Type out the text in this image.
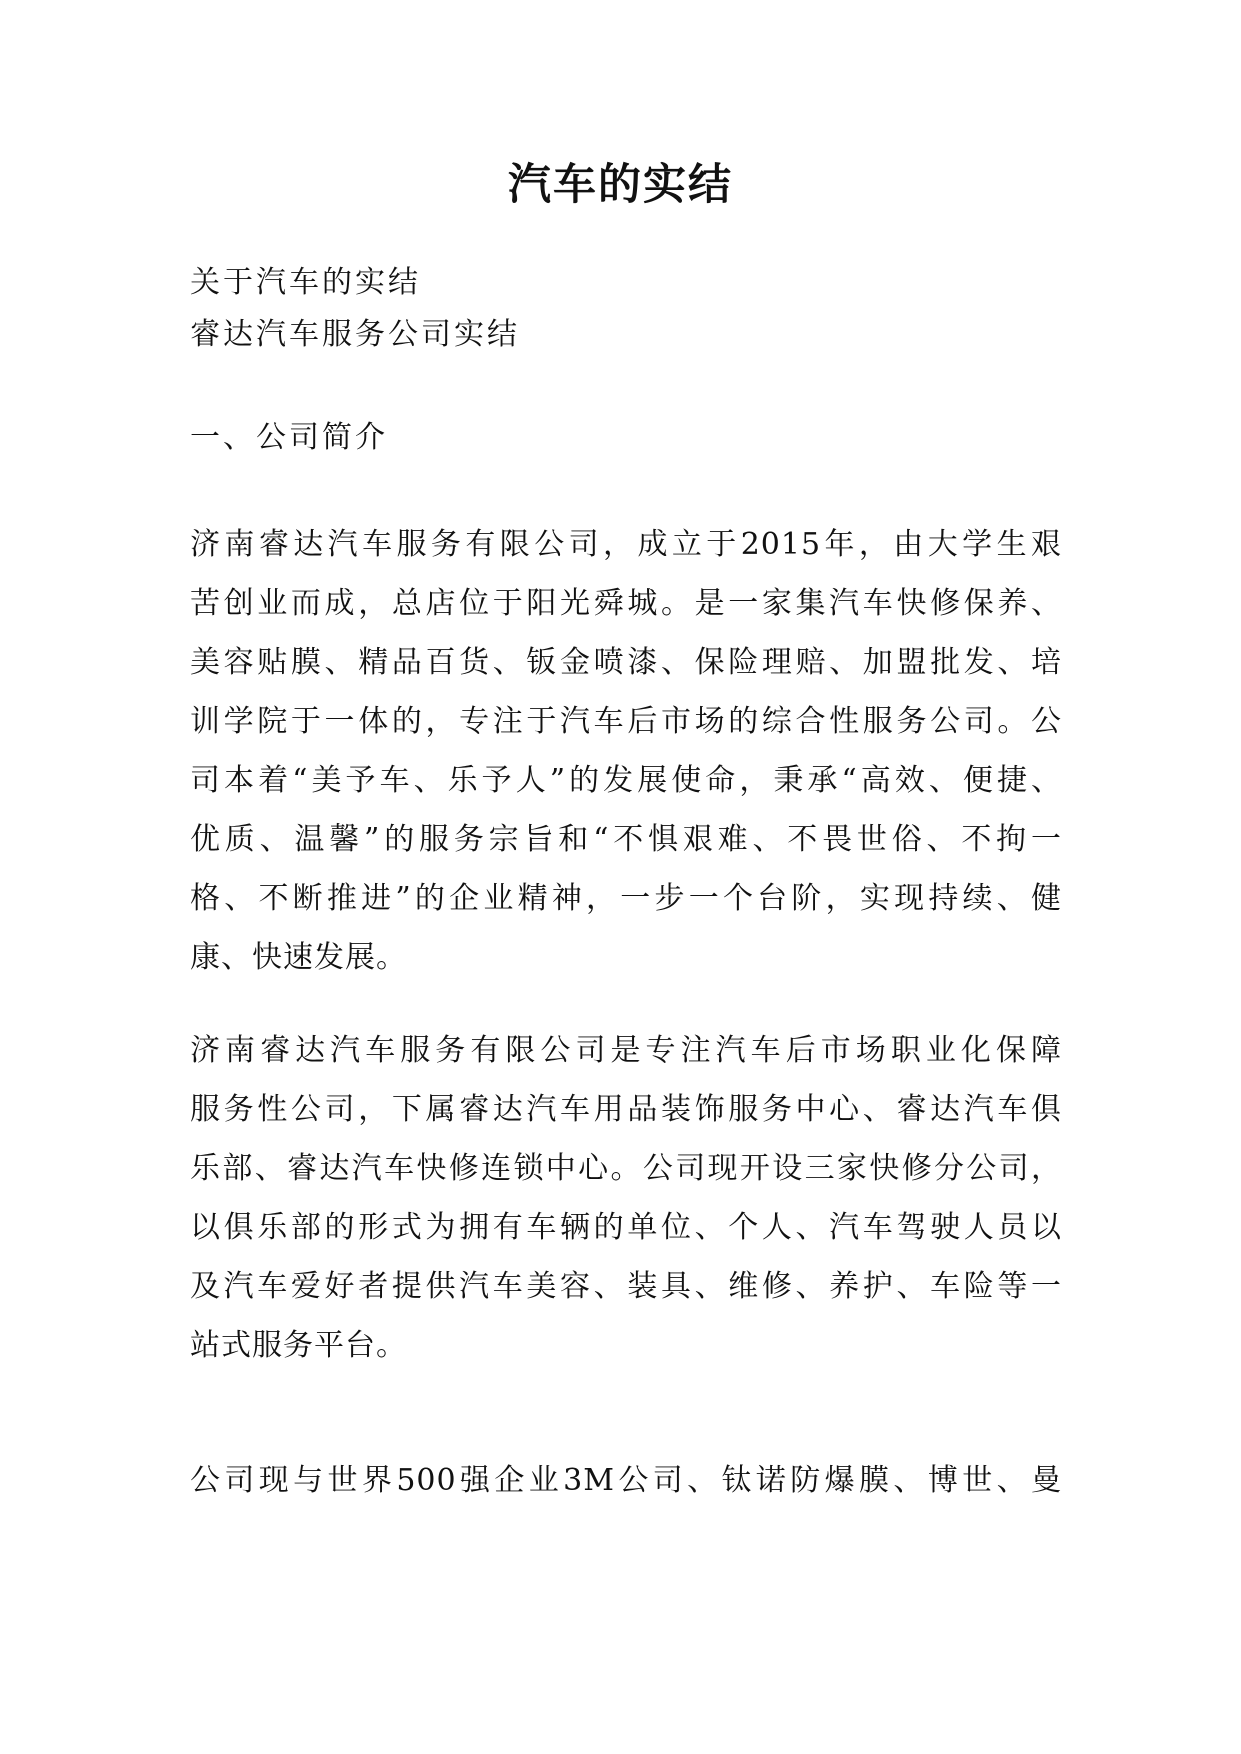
汽车的实结
关于汽车的实结
睿达汽车服务公司实结
一、公司简介
济南睿达汽车服务有限公司，成立于2015年，由大学生艰
苦创业而成，总店位于阳光舜城。是一家集汽车快修保养、
美容贴膜、精品百货、钣金喷漆、保险理赔、加盟批发、培
训学院于一体的，专注于汽车后市场的综合性服务公司。公
司本着“美予车、乐予人”的发展使命，秉承“高效、便捷、
优质、温馨”的服务宗旨和“不惧艰难、不畏世俗、不拘一
格、不断推进”的企业精神，一步一个台阶，实现持续、健
康、快速发展。
济南睿达汽车服务有限公司是专注汽车后市场职业化保障
服务性公司，下属睿达汽车用品装饰服务中心、睿达汽车俱
乐部、睿达汽车快修连锁中心。公司现开设三家快修分公司，
以俱乐部的形式为拥有车辆的单位、个人、汽车驾驶人员以
及汽车爱好者提供汽车美容、装具、维修、养护、车险等一
站式服务平台。
公司现与世界500强企业3M公司、钛诺防爆膜、博世、曼
